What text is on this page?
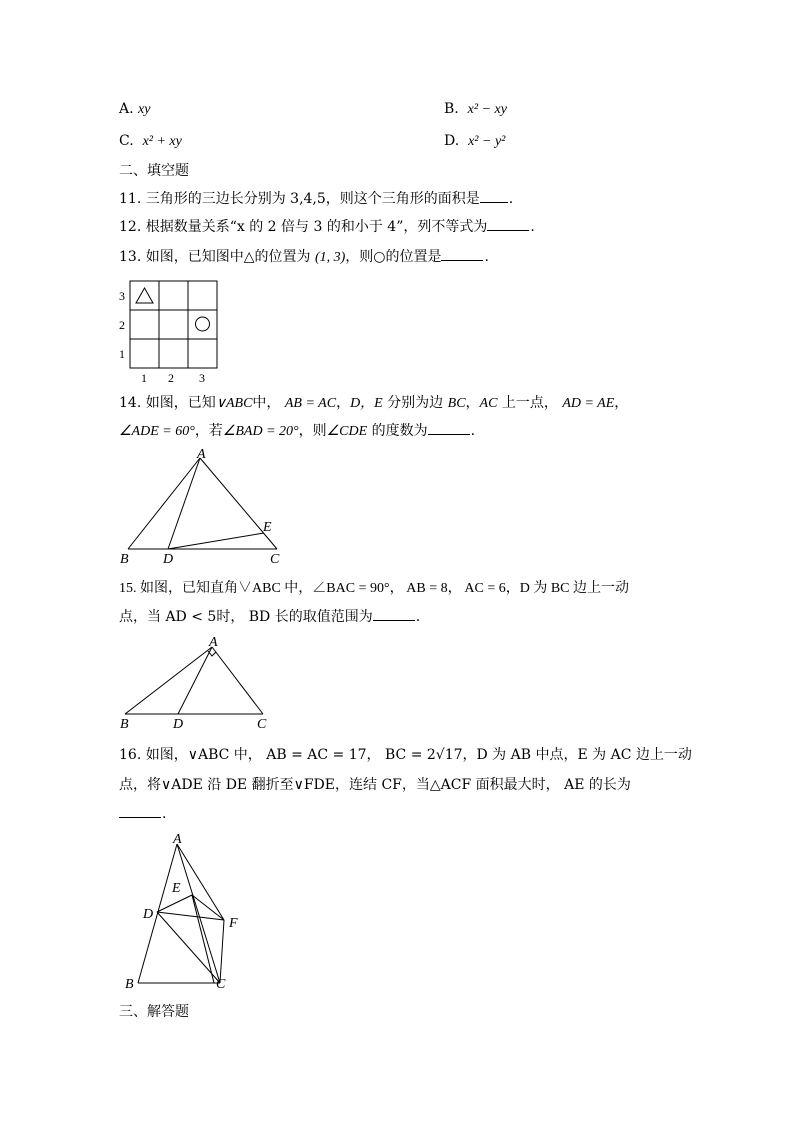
A. xy	B. x² − xy
C. x² + xy	D. x² − y²
二、填空题
11. 三角形的三边长分别为 3,4,5，则这个三角形的面积是 .
12. 根据数量关系“x 的 2 倍与 3 的和小于 4”，列不等式为	.
13. 如图，已知图中△的位置为 (1, 3)，则○的位置是	.
3
2
1
1 2 3
14. 如图，已知∨ABC中， AB = AC，D，E 分别为边 BC，AC 上一点， AD = AE，
∠ADE = 60°，若∠BAD = 20°，则∠CDE 的度数为	.
A
B D	C
E
15. 如图，已知直角∨ABC 中，∠BAC = 90°， AB = 8， AC = 6，D 为 BC 边上一动
点，当 AD < 5时， BD 长的取值范围为	.
A
B	D	C
16. 如图，∨ABC 中， AB = AC = 17， BC = 2√17，D 为 AB 中点，E 为 AC 边上一动
点，将∨ADE 沿 DE 翻折至∨FDE，连结 CF，当△ACF 面积最大时， AE 的长为
.
A
E
D
F
B	C
三、解答题
